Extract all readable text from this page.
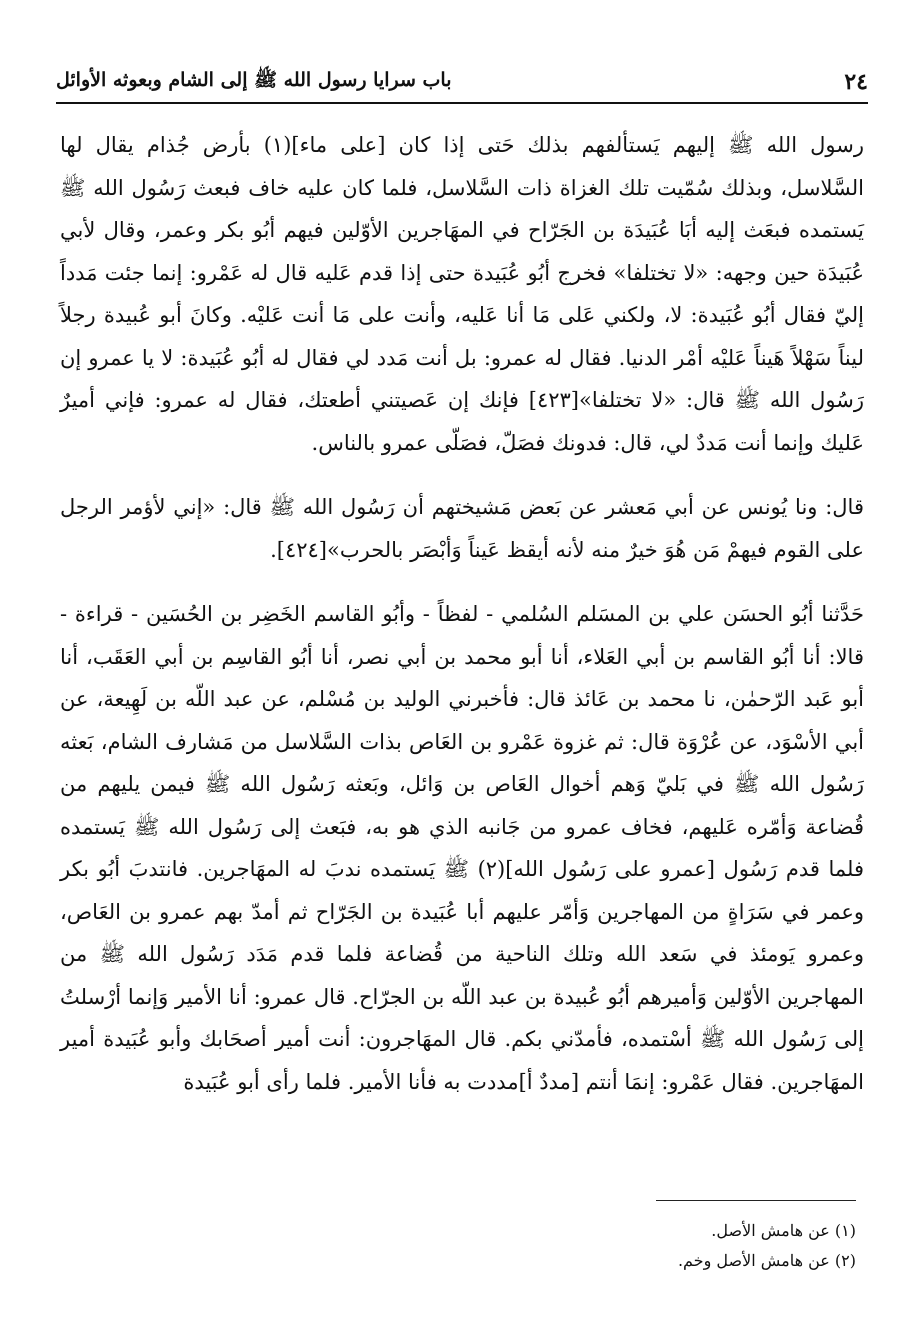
٢٤
باب سرايا رسول الله ﷺ إلى الشام وبعوثه الأوائل

رسول الله ﷺ إليهم يَستألفهم بذلك حَتى إذا كان [على ماء](١) بأرض جُذام يقال لها السَّلاسل، وبذلك سُمّيت تلك الغزاة ذات السَّلاسل، فلما كان عليه خاف فبعث رَسُول الله ﷺ يَستمده فبعَث إليه أبَا عُبَيدَة بن الجَرّاح في المهَاجرين الأوّلين فيهم أبُو بكر وعمر، وقال لأبي عُبَيدَة حين وجهه: «لا تختلفا» فخرج أبُو عُبَيدة حتى إذا قدم عَليه قال له عَمْرو: إنما جئت مَدداً إليّ فقال أبُو عُبَيدة: لا، ولكني عَلى مَا أنا عَليه، وأنت على مَا أنت عَليْه. وكانَ أبو عُبيدة رجلاً ليناً سَهْلاً هَيناً عَليْه أمْر الدنيا. فقال له عمرو: بل أنت مَدد لي فقال له أبُو عُبَيدة: لا يا عمرو إن رَسُول الله ﷺ قال: «لا تختلفا»[٤٢٣] فإنك إن عَصيتني أطعتك، فقال له عمرو: فإني أميرٌ عَليك وإنما أنت مَددٌ لي، قال: فدونك فصَلّ، فصَلّى عمرو بالناس.

قال: ونا يُونس عن أبي مَعشر عن بَعض مَشيختهم أن رَسُول الله ﷺ قال: «إني لأؤمر الرجل على القوم فيهمْ مَن هُوَ خيرٌ منه لأنه أيقظ عَيناً وَأبْصَر بالحرب»[٤٢٤].

حَدَّثنا أبُو الحسَن علي بن المسَلم السُلمي - لفظاً - وأبُو القاسم الخَضِر بن الحُسَين - قراءة - قالا: أنا أبُو القاسم بن أبي العَلاء، أنا أبو محمد بن أبي نصر، أنا أبُو القاسِم بن أبي العَقَب، أنا أبو عَبد الرّحمٰن، نا محمد بن عَائذ قال: فأخبرني الوليد بن مُسْلم، عن عبد اللّه بن لَهِيعة، عن أبي الأسْوَد، عن عُرْوَة قال: ثم غزوة عَمْرو بن العَاص بذات السَّلاسل من مَشارف الشام، بَعثه رَسُول الله ﷺ في بَليّ وَهم أخوال العَاص بن وَائل، وبَعثه رَسُول الله ﷺ فيمن يليهم من قُضاعة وَأمّره عَليهم، فخاف عمرو من جَانبه الذي هو به، فبَعث إلى رَسُول الله ﷺ يَستمده فلما قدم رَسُول [عمرو على رَسُول الله](٢) ﷺ يَستمده ندبَ له المهَاجرين. فانتدبَ أبُو بكر وعمر في سَرَاةٍ من المهاجرين وَأمّر عليهم أبا عُبَيدة بن الجَرّاح ثم أمدّ بهم عمرو بن العَاص، وعمرو يَومئذ في سَعد الله وتلك الناحية من قُضاعة فلما قدم مَدَد رَسُول الله ﷺ من المهاجرين الأوّلين وَأميرهم أبُو عُبيدة بن عبد اللّه بن الجرّاح. قال عمرو: أنا الأمير وَإنما أرْسلتُ إلى رَسُول الله ﷺ أسْتمده، فأمدّني بكم. قال المهَاجرون: أنت أمير أصحَابك وأبو عُبَيدة أمير المهَاجرين. فقال عَمْرو: إنمَا أنتم [مددٌ أ]مددت به فأنا الأمير. فلما رأى أبو عُبَيدة

(١) عن هامش الأصل.
(٢) عن هامش الأصل وخم.
